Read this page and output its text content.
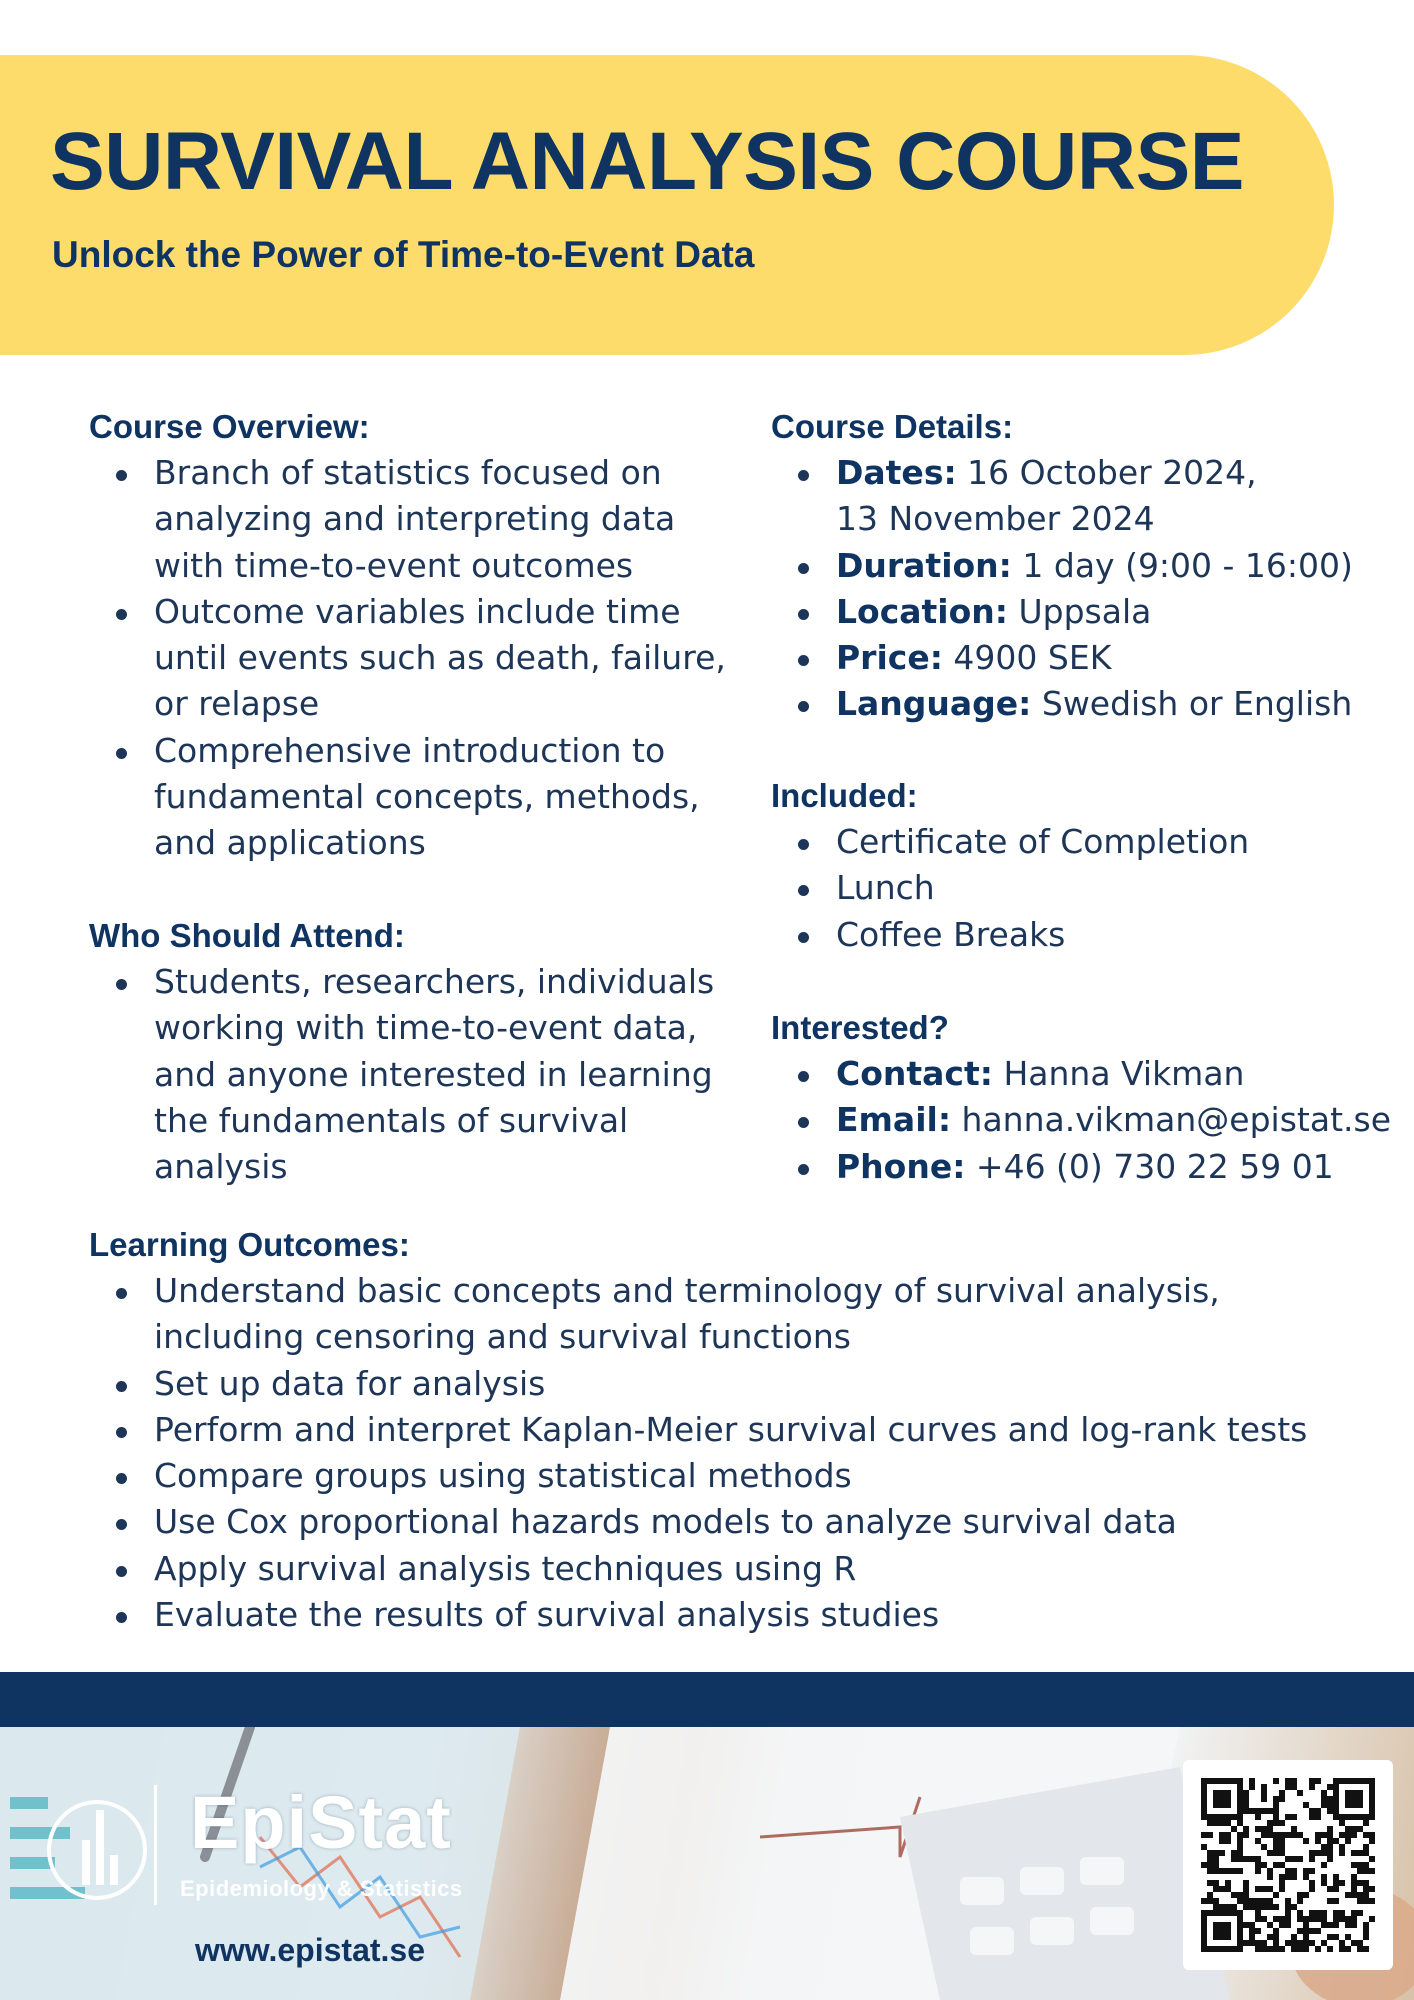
SURVIVAL ANALYSIS COURSE

Unlock the Power of Time-to-Event Data

Course Overview:

Branch of statistics focused on analyzing and interpreting data with time-to-event outcomes
Outcome variables include time until events such as death, failure, or relapse
Comprehensive introduction to fundamental concepts, methods, and applications

Who Should Attend:

Students, researchers, individuals working with time-to-event data, and anyone interested in learning the fundamentals of survival analysis

Course Details:

Dates: 16 October 2024,
13 November 2024
Duration: 1 day (9:00 - 16:00)
Location: Uppsala
Price: 4900 SEK
Language: Swedish or English

Included:

Certificate of Completion
Lunch
Coffee Breaks

Interested?

Contact: Hanna Vikman
Email: hanna.vikman@epistat.se
Phone: +46 (0) 730 22 59 01

Learning Outcomes:

Understand basic concepts and terminology of survival analysis, including censoring and survival functions
Set up data for analysis
Perform and interpret Kaplan-Meier survival curves and log-rank tests
Compare groups using statistical methods
Use Cox proportional hazards models to analyze survival data
Apply survival analysis techniques using R
Evaluate the results of survival analysis studies

EpiStat

Epidemiology & Statistics

www.epistat.se
